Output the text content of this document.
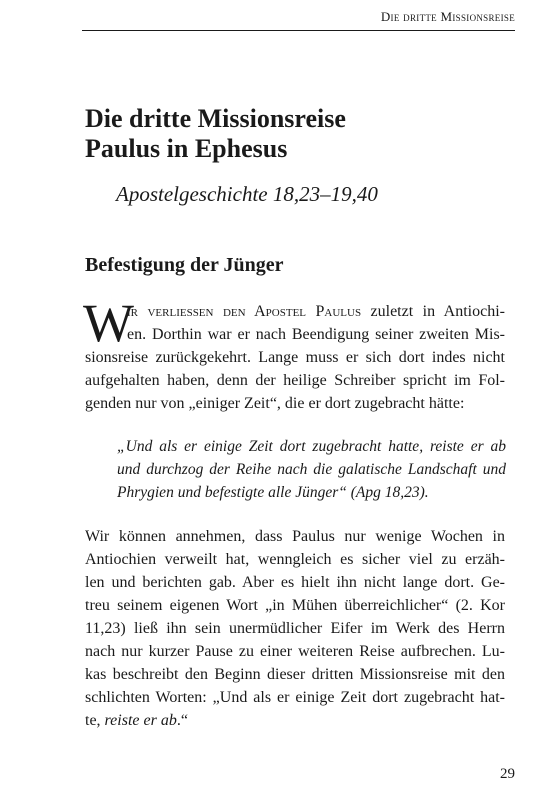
Die dritte Missionsreise
Die dritte Missionsreise
Paulus in Ephesus
Apostelgeschichte 18,23–19,40
Befestigung der Jünger
W
ir verliessen den Apostel Paulus zuletzt in Antiochi-
en. Dorthin war er nach Beendigung seiner zweiten Mis-
sionsreise zurückgekehrt. Lange muss er sich dort indes nicht
aufgehalten haben, denn der heilige Schreiber spricht im Fol-
genden nur von „einiger Zeit“, die er dort zugebracht hätte:
„Und als er einige Zeit dort zugebracht hatte, reiste er ab
und durchzog der Reihe nach die galatische Landschaft und
Phrygien und befestigte alle Jünger“ (Apg 18,23).
Wir können annehmen, dass Paulus nur wenige Wochen in
Antiochien verweilt hat, wenngleich es sicher viel zu erzäh-
len und berichten gab. Aber es hielt ihn nicht lange dort. Ge-
treu seinem eigenen Wort „in Mühen überreichlicher“ (2. Kor
11,23) ließ ihn sein unermüdlicher Eifer im Werk des Herrn
nach nur kurzer Pause zu einer weiteren Reise aufbrechen. Lu-
kas beschreibt den Beginn dieser dritten Missionsreise mit den
schlichten Worten: „Und als er einige Zeit dort zugebracht hat-
te, reiste er ab.“
29
